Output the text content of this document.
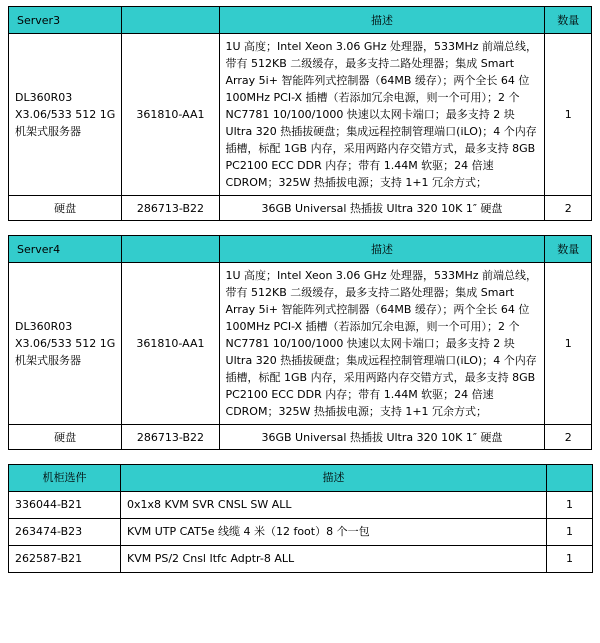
Server3		描述	数量
DL360R03 X3.06/533 512 1G 机架式服务器	361810-AA1	1U 高度；Intel Xeon 3.06 GHz 处理器，533MHz 前端总线，带有 512KB 二级缓存，最多支持二路处理器；集成 Smart Array 5i+ 智能阵列式控制器（64MB 缓存）；两个全长 64 位 100MHz PCI-X 插槽（若添加冗余电源，则一个可用）；2 个 NC7781 10/100/1000 快速以太网卡端口；最多支持 2 块 Ultra 320 热插拔硬盘；集成远程控制管理端口(iLO)；4 个内存插槽，标配 1GB 内存，采用两路内存交错方式，最多支持 8GB PC2100 ECC DDR 内存；带有 1.44M 软驱；24 倍速 CDROM；325W 热插拔电源；支持 1+1 冗余方式；	1
硬盘	286713-B22	36GB Universal 热插拔 Ultra 320 10K 1″ 硬盘	2
Server4		描述	数量
DL360R03 X3.06/533 512 1G 机架式服务器	361810-AA1	1U 高度；Intel Xeon 3.06 GHz 处理器，533MHz 前端总线，带有 512KB 二级缓存，最多支持二路处理器；集成 Smart Array 5i+ 智能阵列式控制器（64MB 缓存）；两个全长 64 位 100MHz PCI-X 插槽（若添加冗余电源，则一个可用）；2 个 NC7781 10/100/1000 快速以太网卡端口；最多支持 2 块 Ultra 320 热插拔硬盘；集成远程控制管理端口(iLO)；4 个内存插槽，标配 1GB 内存，采用两路内存交错方式，最多支持 8GB PC2100 ECC DDR 内存；带有 1.44M 软驱；24 倍速 CDROM；325W 热插拔电源；支持 1+1 冗余方式；	1
硬盘	286713-B22	36GB Universal 热插拔 Ultra 320 10K 1″ 硬盘	2
机柜选件	描述	
336044-B21	0x1x8 KVM SVR CNSL SW ALL	1
263474-B23	KVM UTP CAT5e 线缆 4 米（12 foot）8 个一包	1
262587-B21	KVM PS/2 Cnsl Itfc Adptr-8 ALL	1
